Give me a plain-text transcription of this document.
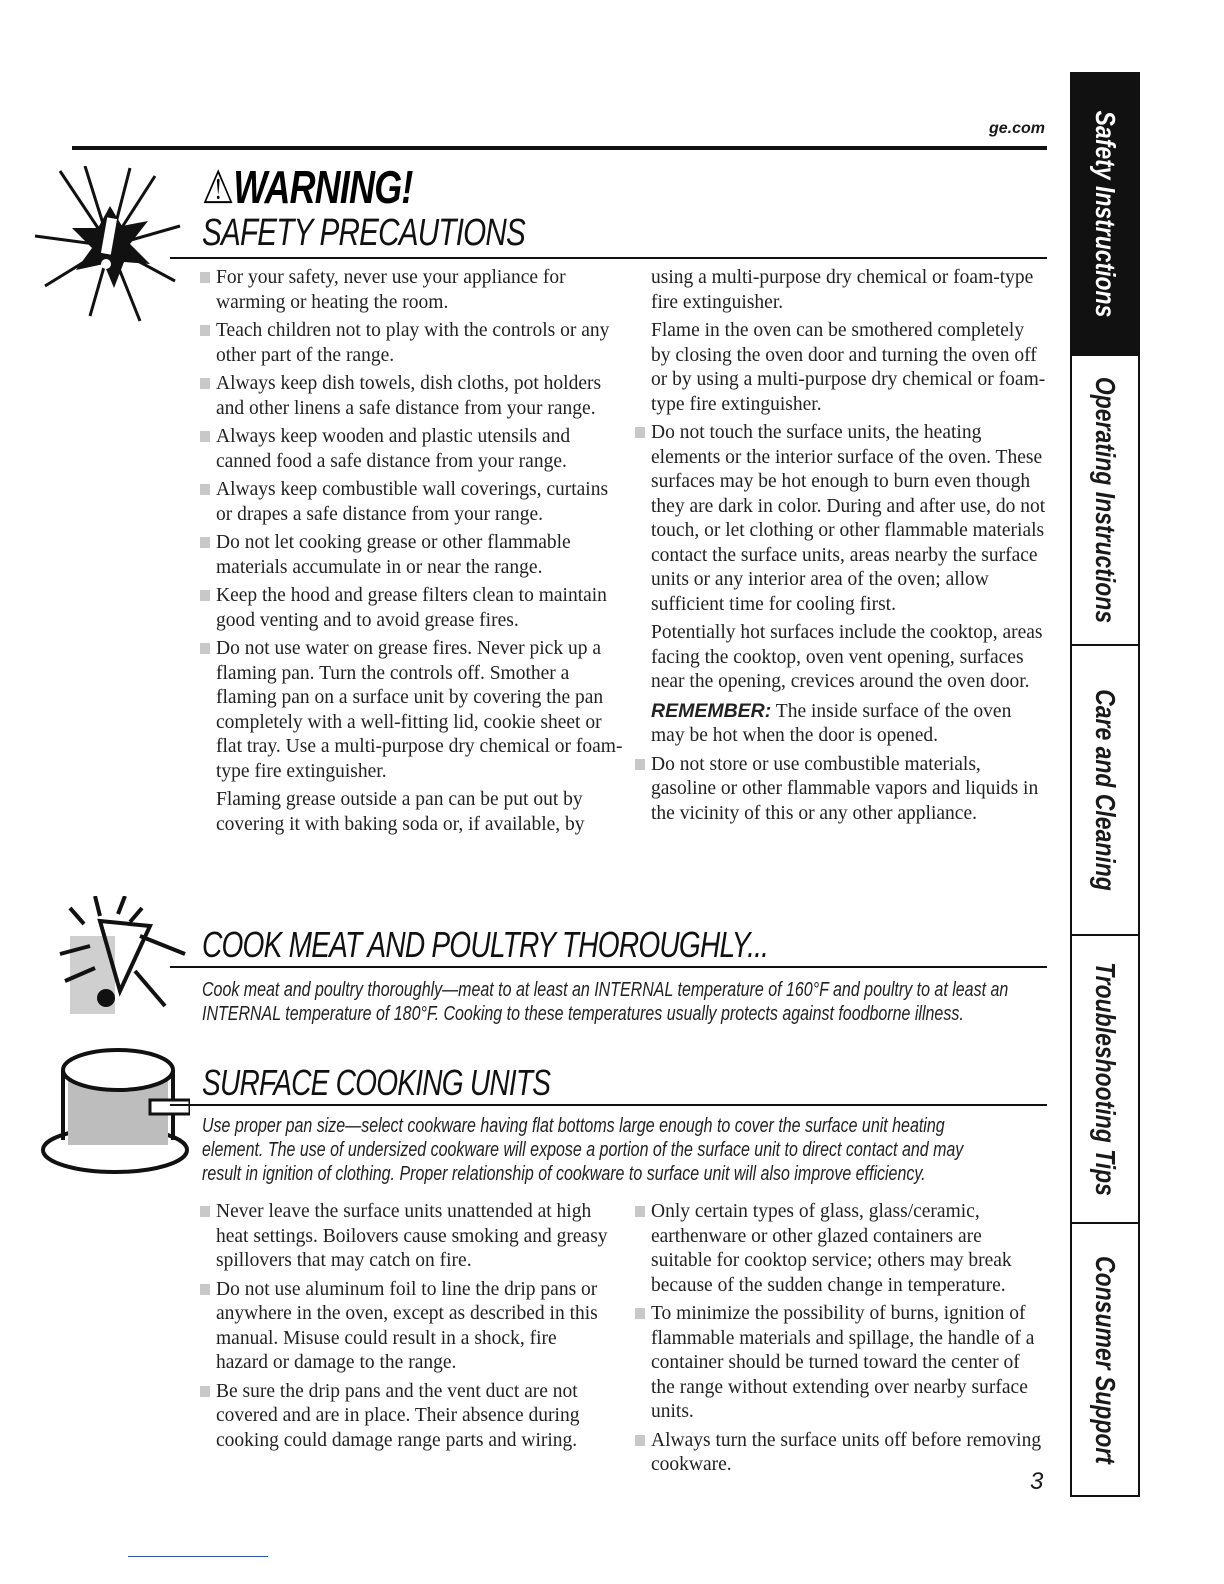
ge.com
⚠WARNING!
SAFETY PRECAUTIONS

For your safety, never use your appliance for warming or heating the room.

Teach children not to play with the controls or any other part of the range.

Always keep dish towels, dish cloths, pot holders and other linens a safe distance from your range.

Always keep wooden and plastic utensils and canned food a safe distance from your range.

Always keep combustible wall coverings, curtains or drapes a safe distance from your range.

Do not let cooking grease or other flammable materials accumulate in or near the range.

Keep the hood and grease filters clean to maintain good venting and to avoid grease fires.

Do not use water on grease fires. Never pick up a flaming pan. Turn the controls off. Smother a flaming pan on a surface unit by covering the pan completely with a well-fitting lid, cookie sheet or flat tray. Use a multi-purpose dry chemical or foam-type fire extinguisher.

Flaming grease outside a pan can be put out by covering it with baking soda or, if available, by

using a multi-purpose dry chemical or foam-type fire extinguisher.

Flame in the oven can be smothered completely by closing the oven door and turning the oven off or by using a multi-purpose dry chemical or foam-type fire extinguisher.

Do not touch the surface units, the heating elements or the interior surface of the oven. These surfaces may be hot enough to burn even though they are dark in color. During and after use, do not touch, or let clothing or other flammable materials contact the surface units, areas nearby the surface units or any interior area of the oven; allow sufficient time for cooling first.

Potentially hot surfaces include the cooktop, areas facing the cooktop, oven vent opening, surfaces near the opening, crevices around the oven door.

REMEMBER: The inside surface of the oven may be hot when the door is opened.

Do not store or use combustible materials, gasoline or other flammable vapors and liquids in the vicinity of this or any other appliance.

COOK MEAT AND POULTRY THOROUGHLY...
Cook meat and poultry thoroughly—meat to at least an INTERNAL temperature of 160°F and poultry to at least an
INTERNAL temperature of 180°F. Cooking to these temperatures usually protects against foodborne illness.
SURFACE COOKING UNITS
Use proper pan size—select cookware having flat bottoms large enough to cover the surface unit heating
element. The use of undersized cookware will expose a portion of the surface unit to direct contact and may
result in ignition of clothing. Proper relationship of cookware to surface unit will also improve efficiency.

Never leave the surface units unattended at high heat settings. Boilovers cause smoking and greasy spillovers that may catch on fire.

Do not use aluminum foil to line the drip pans or anywhere in the oven, except as described in this manual. Misuse could result in a shock, fire hazard or damage to the range.

Be sure the drip pans and the vent duct are not covered and are in place. Their absence during cooking could damage range parts and wiring.

Only certain types of glass, glass/ceramic, earthenware or other glazed containers are suitable for cooktop service; others may break because of the sudden change in temperature.

To minimize the possibility of burns, ignition of flammable materials and spillage, the handle of a container should be turned toward the center of the range without extending over nearby surface units.

Always turn the surface units off before removing cookware.

Safety Instructions
Operating Instructions
Care and Cleaning
Troubleshooting Tips
Consumer Support
3
